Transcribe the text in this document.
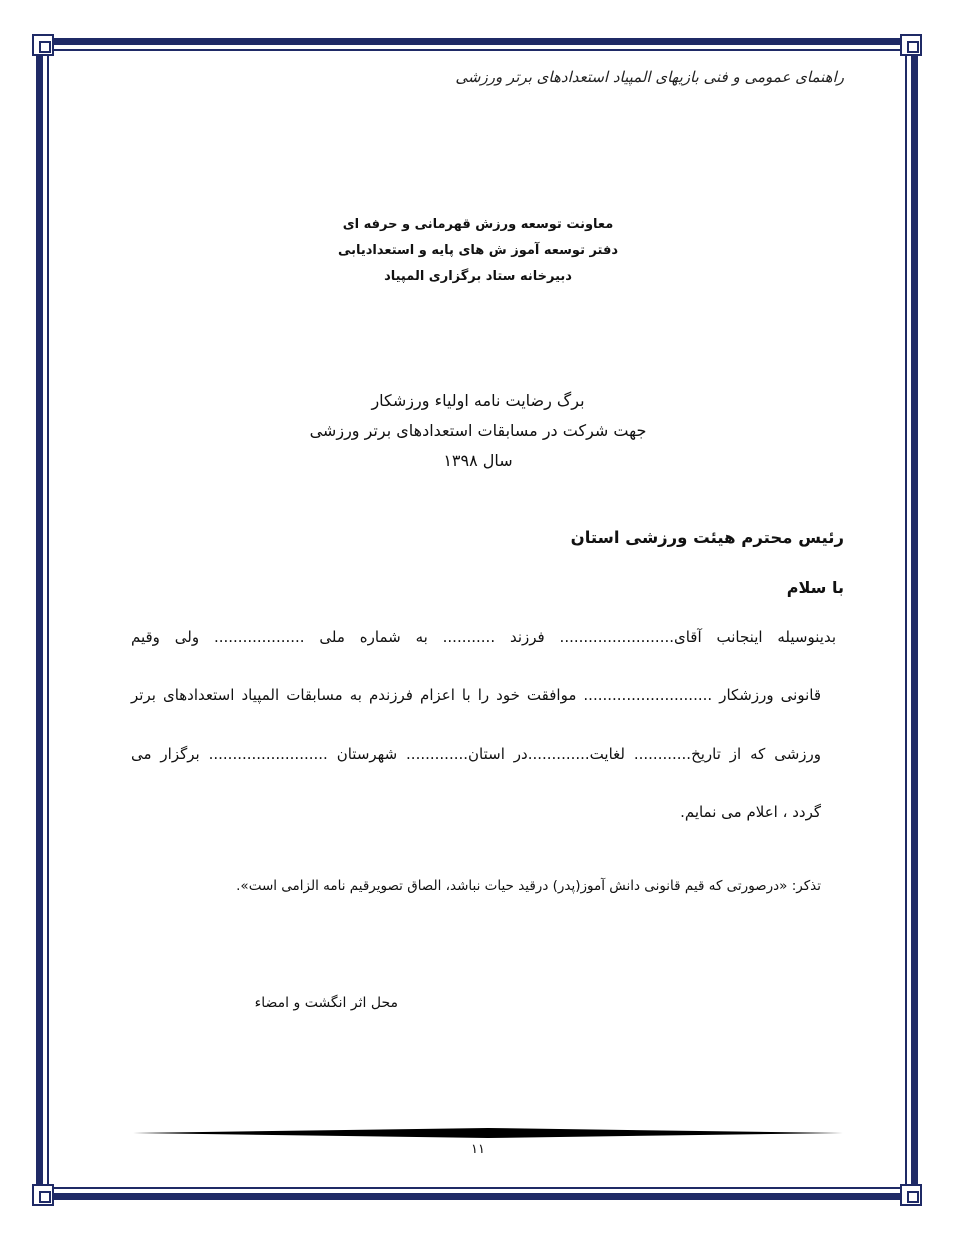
راهنمای عمومی و فنی بازیهای المپیاد استعدادهای برتر ورزشی
معاونت توسعه ورزش قهرمانی و حرفه ای
دفتر توسعه آموز ش های پایه و استعدادیابی
دبیرخانه ستاد برگزاری المپیاد
برگ رضایت نامه اولیاء ورزشکار
جهت شرکت در مسابقات استعدادهای برتر ورزشی
سال ۱۳۹۸
رئیس محترم هیئت ورزشی استان
با سلام
بدینوسیله اینجانب آقای........................ فرزند ........... به شماره ملی ................... ولی وقیم
قانونی ورزشکار ........................... موافقت خود را با اعزام فرزندم به مسابقات المپیاد استعدادهای برتر
ورزشی که از تاریخ............ لغایت.............در استان............. شهرستان ......................... برگزار می
گردد ، اعلام می نمایم.
تذکر: «درصورتی که قیم قانونی دانش آموز(پدر) درقید حیات نباشد، الصاق تصویرقیم نامه الزامی است».
محل اثر انگشت و امضاء
۱۱
